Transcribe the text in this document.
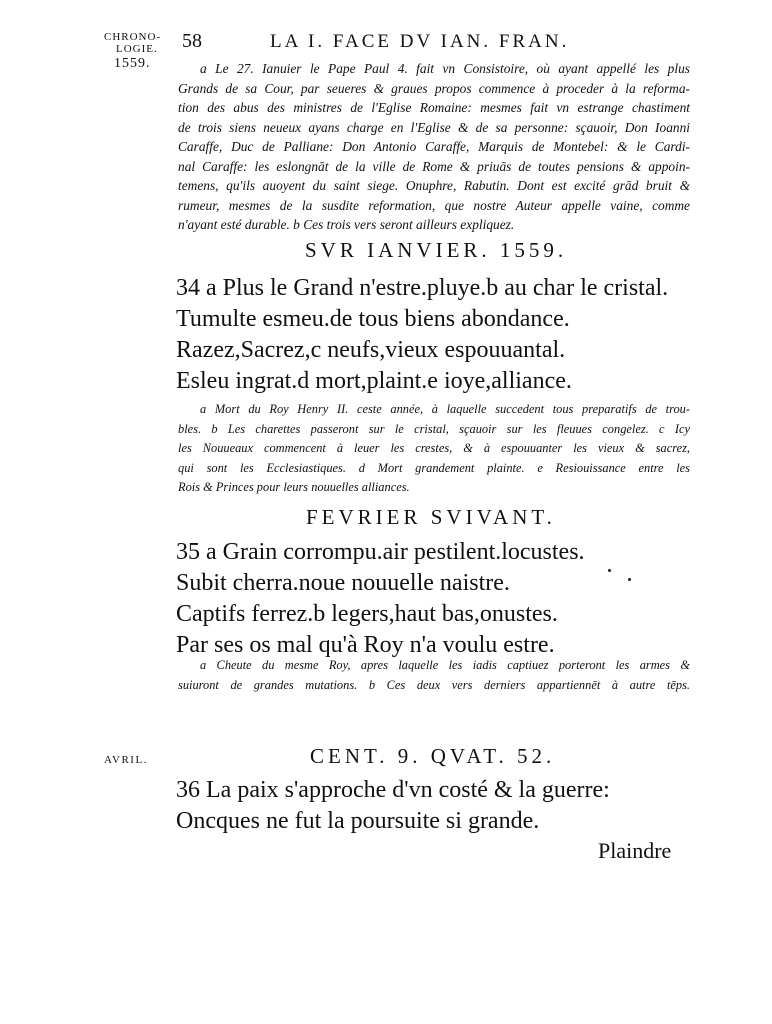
CHRONO-
LOGIE.
1559.
58	LA I. FACE DV IAN. FRAN.
a Le 27. Ianuier le Pape Paul 4. fait vn Consistoire, où ayant appellé les plus
Grands de sa Cour, par seueres & graues propos commence à proceder à la reforma-
tion des abus des ministres de l'Eglise Romaine: mesmes fait vn estrange chastiment
de trois siens neueux ayans charge en l'Eglise & de sa personne: sçauoir, Don Ioanni
Caraffe, Duc de Palliane: Don Antonio Caraffe, Marquis de Montebel: & le Cardi-
nal Caraffe: les eslongnāt de la ville de Rome & priuās de toutes pensions & appoin-
temens, qu'ils auoyent du saint siege. Onuphre, Rabutin. Dont est excité grād bruit &
rumeur, mesmes de la susdite reformation, que nostre Auteur appelle vaine, comme
n'ayant esté durable. b Ces trois vers seront ailleurs expliquez.
SVR IANVIER. 1559.
34 a Plus le Grand n'estre.pluye.b au char le cristal.
Tumulte esmeu.de tous biens abondance.
Razez,Sacrez,c neufs,vieux espouuantal.
Esleu ingrat.d mort,plaint.e ioye,alliance.
a Mort du Roy Henry II. ceste année, à laquelle succedent tous preparatifs de trou-
bles. b Les charettes passeront sur le cristal, sçauoir sur les fleuues congelez. c Icy
les Nouueaux commencent à leuer les crestes, & à espouuanter les vieux & sacrez,
qui sont les Ecclesiastiques. d Mort grandement plainte. e Resiouissance entre les
Rois & Princes pour leurs nouuelles alliances.
FEVRIER SVIVANT.
35 a Grain corrompu.air pestilent.locustes.
Subit cherra.noue nouuelle naistre.
Captifs ferrez.b legers,haut bas,onustes.
Par ses os mal qu'à Roy n'a voulu estre.
a Cheute du mesme Roy, apres laquelle les iadis captiuez porteront les armes &
suiuront de grandes mutations. b Ces deux vers derniers appartiennēt à autre tēps.
AVRIL.	CENT. 9. QVAT. 52.
36 La paix s'approche d'vn costé & la guerre:
Oncques ne fut la poursuite si grande.
Plaindre
